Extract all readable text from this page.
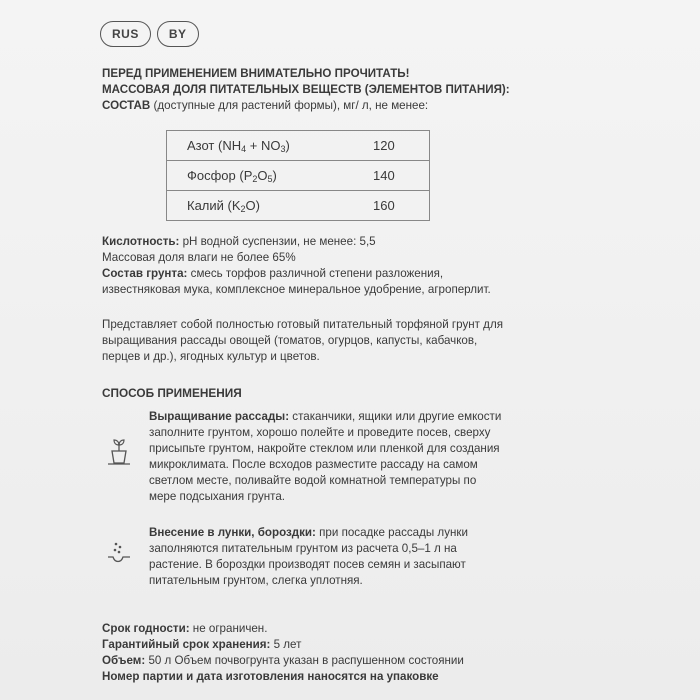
RUS	BY
ПЕРЕД ПРИМЕНЕНИЕМ ВНИМАТЕЛЬНО ПРОЧИТАТЬ!
МАССОВАЯ ДОЛЯ ПИТАТЕЛЬНЫХ ВЕЩЕСТВ (ЭЛЕМЕНТОВ ПИТАНИЯ):
СОСТАВ (доступные для растений формы), мг/ л, не менее:
Азот $(NH_4 + NO_3)$	120
Фосфор $(P_2O_5)$	140
Калий $(K_2O)$	160
Кислотность: pH водной суспензии, не менее: 5,5
Массовая доля влаги не более 65%
Состав грунта: смесь торфов различной степени разложения,
известняковая мука, комплексное минеральное удобрение, агроперлит.
Представляет собой полностью готовый питательный торфяной грунт для
выращивания рассады овощей (томатов, огурцов, капусты, кабачков,
перцев и др.), ягодных культур и цветов.
СПОСОБ ПРИМЕНЕНИЯ
Выращивание рассады: стаканчики, ящики или другие емкости
заполните грунтом, хорошо полейте и проведите посев, сверху
присыпьте грунтом, накройте стеклом или пленкой для создания
микроклимата. После всходов разместите рассаду на самом
светлом месте, поливайте водой комнатной температуры по
мере подсыхания грунта.
Внесение в лунки, бороздки: при посадке рассады лунки
заполняются питательным грунтом из расчета 0,5–1 л на
растение. В бороздки производят посев семян и засыпают
питательным грунтом, слегка уплотняя.
Срок годности: не ограничен.
Гарантийный срок хранения: 5 лет
Объем: 50 л Объем почвогрунта указан в распушенном состоянии
Номер партии и дата изготовления наносятся на упаковке
